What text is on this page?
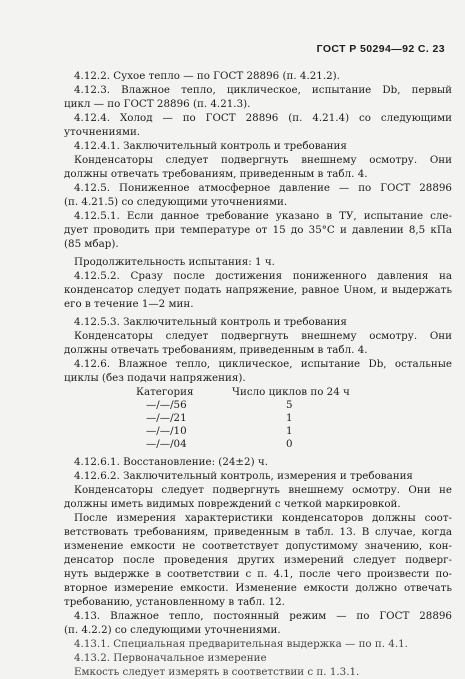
ГОСТ Р 50294—92 С. 23
4.12.2. Сухое тепло — по ГОСТ 28896 (п. 4.21.2).
4.12.3. Влажное тепло, циклическое, испытание Db, первый
цикл — по ГОСТ 28896 (п. 4.21.3).
4.12.4. Холод — по ГОСТ 28896 (п. 4.21.4) со следующими
уточнениями.
4.12.4.1. Заключительный контроль и требования
Конденсаторы следует подвергнуть внешнему осмотру. Они
должны отвечать требованиям, приведенным в табл. 4.
4.12.5. Пониженное атмосферное давление — по ГОСТ 28896
(п. 4.21.5) со следующими уточнениями.
4.12.5.1. Если данное требование указано в ТУ, испытание сле-
дует проводить при температуре от 15 до 35°С и давлении 8,5 кПа
(85 мбар).
Продолжительность испытания: 1 ч.
4.12.5.2. Сразу после достижения пониженного давления на
конденсатор следует подать напряжение, равное Uном, и выдержать
его в течение 1—2 мин.
4.12.5.3. Заключительный контроль и требования
Конденсаторы следует подвергнуть внешнему осмотру. Они
должны отвечать требованиям, приведенным в табл. 4.
4.12.6. Влажное тепло, циклическое, испытание Db, остальные
циклы (без подачи напряжения).
Категория	Число циклов по 24 ч
—/—/56	5
—/—/21	1
—/—/10	1
—/—/04	0
4.12.6.1. Восстановление: (24±2) ч.
4.12.6.2. Заключительный контроль, измерения и требования
Конденсаторы следует подвергнуть внешнему осмотру. Они не
должны иметь видимых повреждений с четкой маркировкой.
После измерения характеристики конденсаторов должны соот-
ветствовать требованиям, приведенным в табл. 13. В случае, когда
изменение емкости не соответствует допустимому значению, кон-
денсатор после проведения других измерений следует подверг-
нуть выдержке в соответствии с п. 4.1, после чего произвести по-
вторное измерение емкости. Изменение емкости должно отвечать
требованию, установленному в табл. 12.
4.13. Влажное тепло, постоянный режим — по ГОСТ 28896
(п. 4.2.2) со следующими уточнениями.
4.13.1. Специальная предварительная выдержка — по п. 4.1.
4.13.2. Первоначальное измерение
Емкость следует измерять в соответствии с п. 1.3.1.
